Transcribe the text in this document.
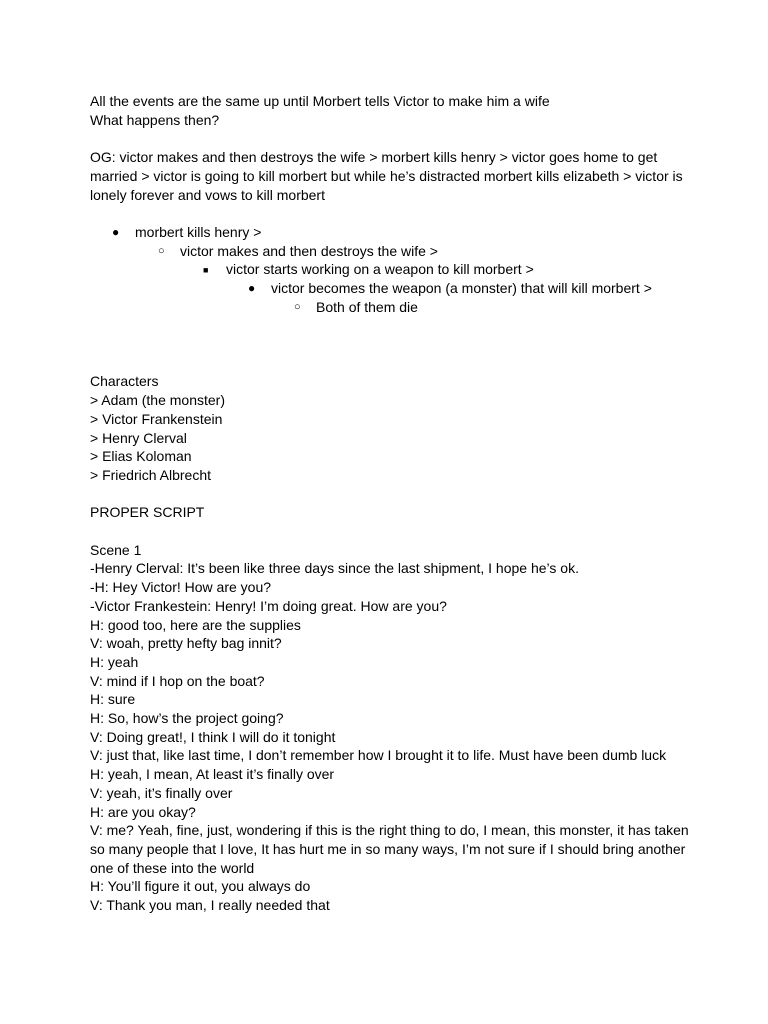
All the events are the same up until Morbert tells Victor to make him a wife

What happens then?

OG: victor makes and then destroys the wife > morbert kills henry > victor goes home to get married > victor is going to kill morbert but while he’s distracted morbert kills elizabeth > victor is lonely forever and vows to kill morbert

● morbert kills henry >
○ victor makes and then destroys the wife >
■ victor starts working on a weapon to kill morbert >
● victor becomes the weapon (a monster) that will kill morbert >
○ Both of them die

Characters

> Adam (the monster)

> Victor Frankenstein

> Henry Clerval

> Elias Koloman

> Friedrich Albrecht

PROPER SCRIPT

Scene 1

-Henry Clerval: It’s been like three days since the last shipment, I hope he’s ok.

-H: Hey Victor! How are you?

-Victor Frankestein: Henry! I’m doing great. How are you?

H: good too, here are the supplies

V: woah, pretty hefty bag innit?

H: yeah

V: mind if I hop on the boat?

H: sure

H: So, how’s the project going?

V: Doing great!, I think I will do it tonight

V: just that, like last time, I don’t remember how I brought it to life. Must have been dumb luck

H: yeah, I mean, At least it’s finally over

V: yeah, it’s finally over

H: are you okay?

V: me? Yeah, fine, just, wondering if this is the right thing to do, I mean, this monster, it has taken so many people that I love, It has hurt me in so many ways, I’m not sure if I should bring another one of these into the world

H: You’ll figure it out, you always do

V: Thank you man, I really needed that
